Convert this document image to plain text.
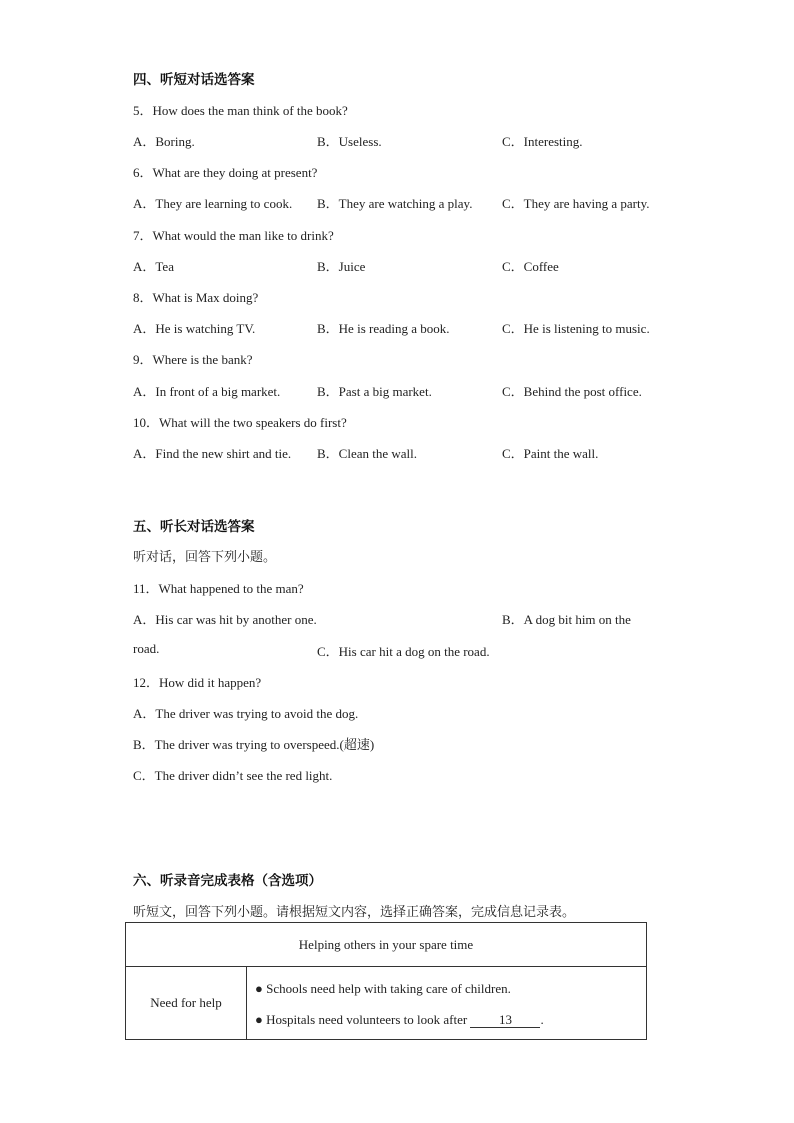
四、听短对话选答案
5．How does the man think of the book?
A．Boring.	B．Useless.	C．Interesting.
6．What are they doing at present?
A．They are learning to cook. B．They are watching a play. C．They are having a party.
7．What would the man like to drink?
A．Tea	B．Juice	C．Coffee
8．What is Max doing?
A．He is watching TV.	B．He is reading a book.	C．He is listening to music.
9．Where is the bank?
A．In front of a big market.	B．Past a big market.	C．Behind the post office.
10．What will the two speakers do first?
A．Find the new shirt and tie. B．Clean the wall.	C．Paint the wall.
五、听长对话选答案
听对话，回答下列小题。
11．What happened to the man?
A．His car was hit by another one.	B．A dog bit him on the
road.	C．His car hit a dog on the road.
12．How did it happen?
A．The driver was trying to avoid the dog.
B．The driver was trying to overspeed.(超速)
C．The driver didn’t see the red light.
六、听录音完成表格（含选项）
听短文，回答下列小题。请根据短文内容，选择正确答案，完成信息记录表。
Helping others in your spare time
Need for help	
● Schools need help with taking care of children.
● Hospitals need volunteers to look after 13 .
